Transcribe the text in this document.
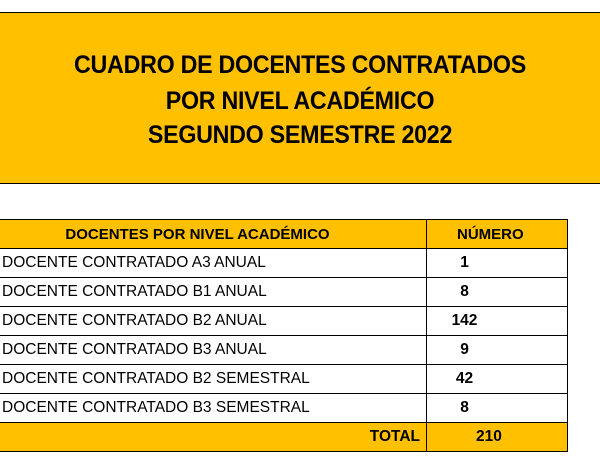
CUADRO DE DOCENTES CONTRATADOS
POR NIVEL ACADÉMICO
SEGUNDO SEMESTRE 2022
DOCENTES POR NIVEL ACADÉMICO	NÚMERO
DOCENTE CONTRATADO A3 ANUAL	1
DOCENTE CONTRATADO B1 ANUAL	8
DOCENTE CONTRATADO B2 ANUAL	142
DOCENTE CONTRATADO B3 ANUAL	9
DOCENTE CONTRATADO B2 SEMESTRAL	42
DOCENTE CONTRATADO B3 SEMESTRAL	8
TOTAL	210
